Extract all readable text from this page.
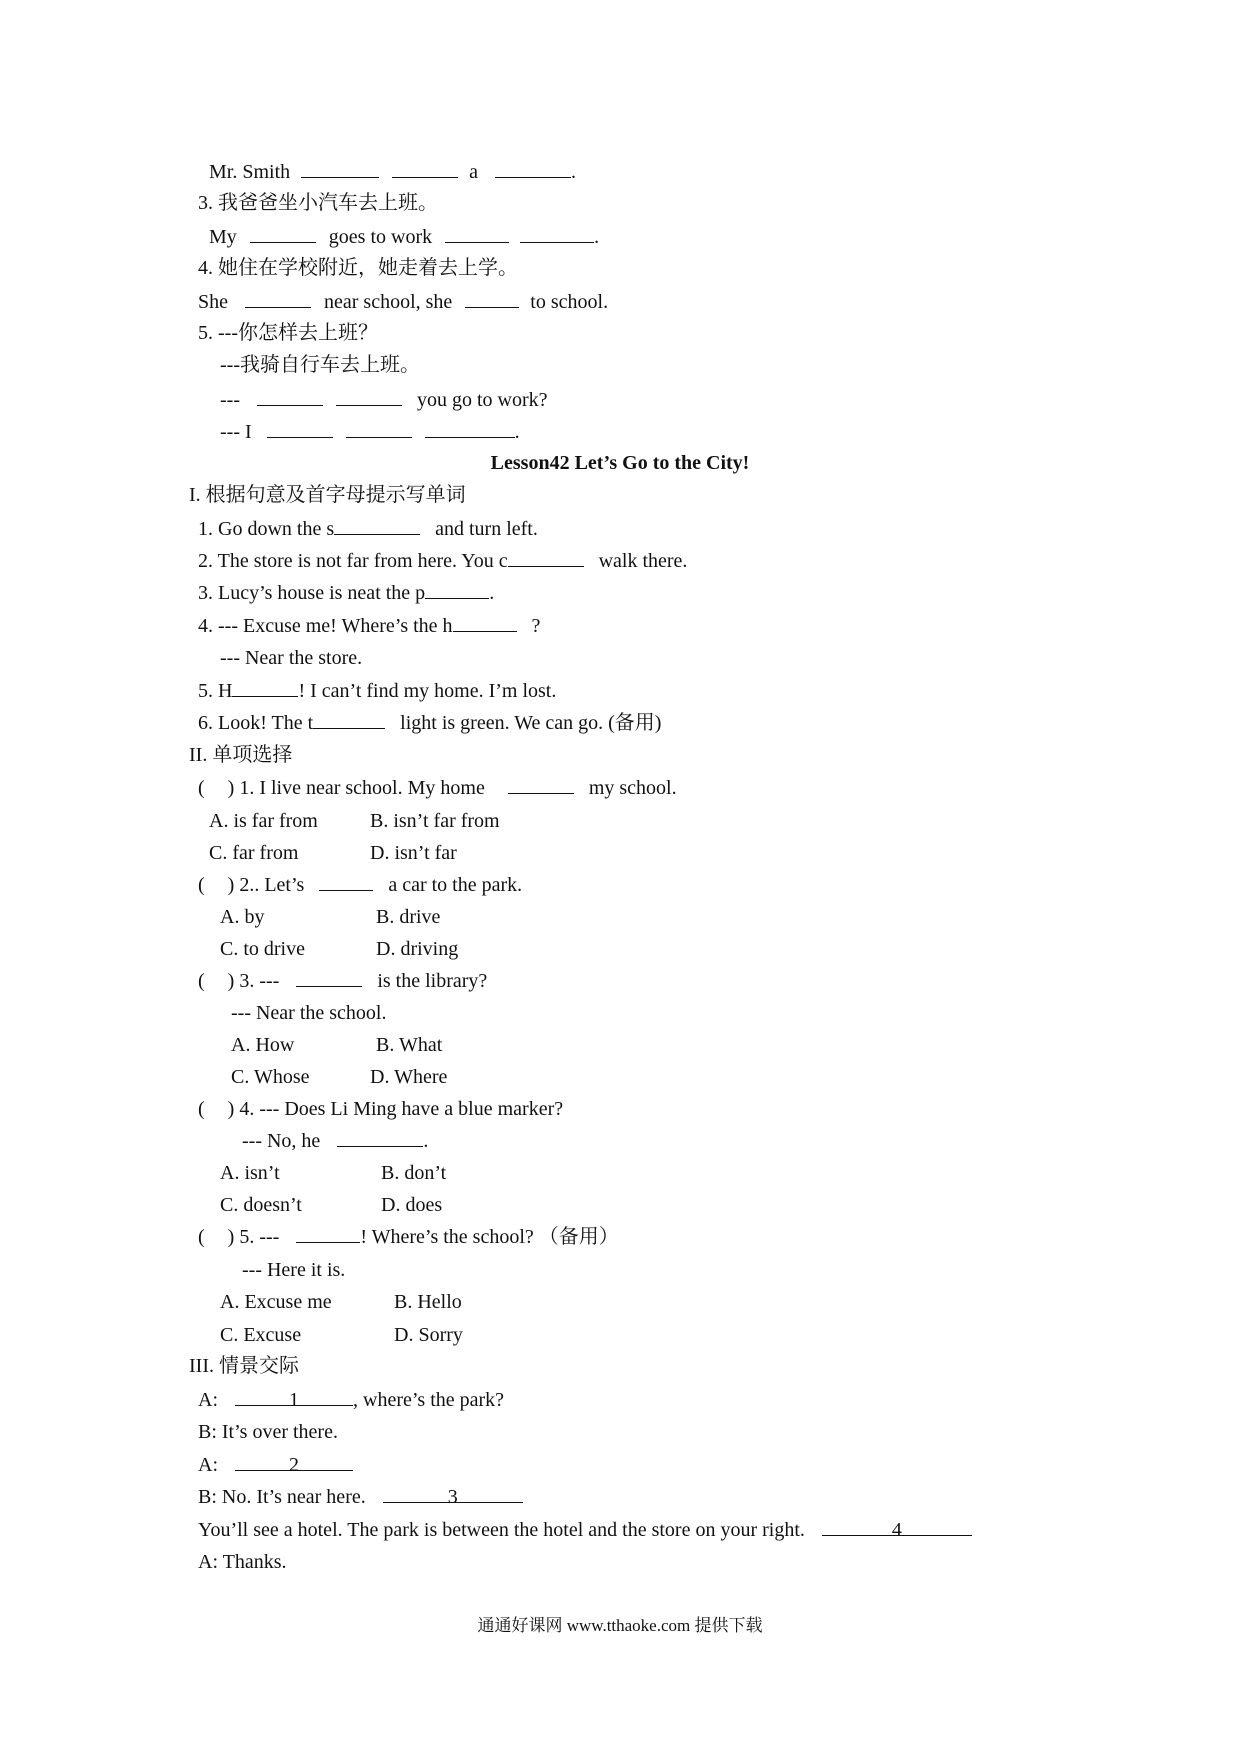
Mr. Smith	a	.
3. 我爸爸坐小汽车去上班。
My	goes to work	.
4. 她住在学校附近，她走着去上学。
She	near school, she	to school.
5. ---你怎样去上班？
---我骑自行车去上班。
---	you go to work?
--- I	.
Lesson42 Let’s Go to the City!
I. 根据句意及首字母提示写单词
1. Go down the s	and turn left.
2. The store is not far from here. You c	walk there.
3. Lucy’s house is neat the p	.
4. --- Excuse me! Where’s the h	?
--- Near the store.
5. H	! I can’t find my home. I’m lost.
6. Look! The t	light is green. We can go. (备用)
II. 单项选择
( ) 1. I live near school. My home	my school.
A. is far from	B. isn’t far from
C. far from	D. isn’t far
( ) 2.. Let’s	a car to the park.
A. by	B. drive
C. to drive	D. driving
( ) 3. ---	is the library?
--- Near the school.
A. How	B. What
C. Whose	D. Where
( ) 4. --- Does Li Ming have a blue marker?
--- No, he	.
A. isn’t	B. don’t
C. doesn’t	D. does
( ) 5. ---	! Where’s the school? （备用）
--- Here it is.
A. Excuse me	B. Hello
C. Excuse	D. Sorry
III. 情景交际
A:	1	, where’s the park?
B: It’s over there.
A:	2
B: No. It’s near here.	3
You’ll see a hotel. The park is between the hotel and the store on your right.	4
A: Thanks.
通通好课网 www.tthaoke.com 提供下载
